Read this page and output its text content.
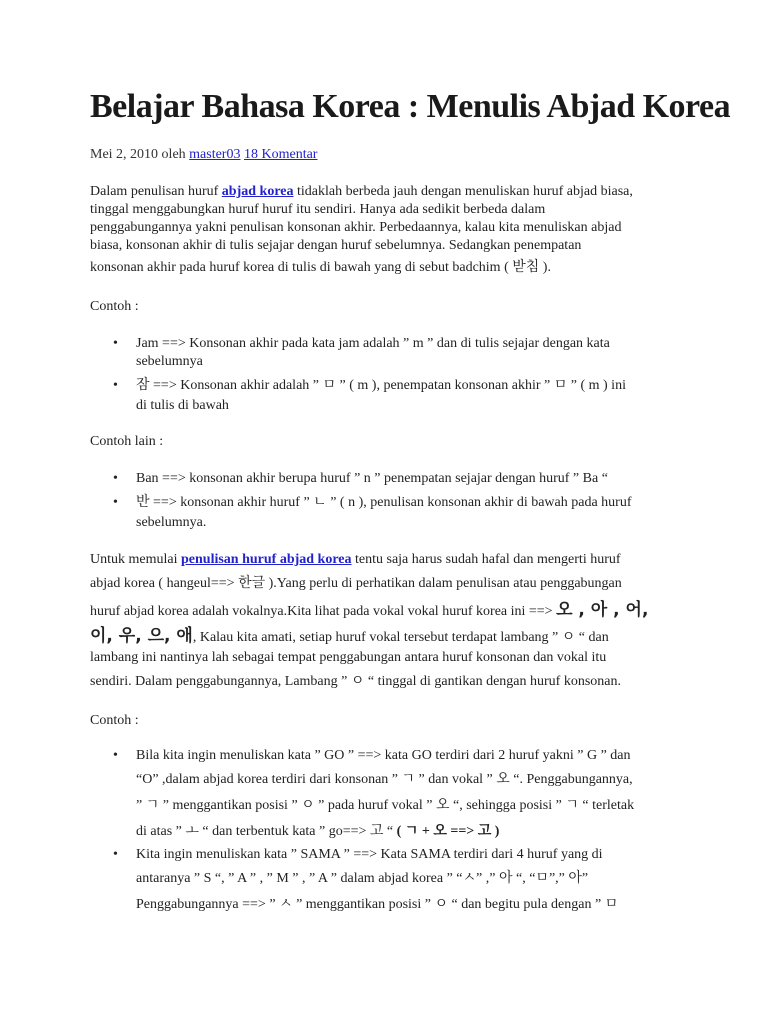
Belajar Bahasa Korea : Menulis Abjad Korea
Mei 2, 2010 oleh master03 18 Komentar
Dalam penulisan huruf abjad korea tidaklah berbeda jauh dengan menuliskan huruf abjad biasa,
tinggal menggabungkan huruf huruf itu sendiri. Hanya ada sedikit berbeda dalam
penggabungannya yakni penulisan konsonan akhir. Perbedaannya, kalau kita menuliskan abjad
biasa, konsonan akhir di tulis sejajar dengan huruf sebelumnya. Sedangkan penempatan
konsonan akhir pada huruf korea di tulis di bawah yang di sebut badchim ( 받침 ).
Contoh :
• Jam ==> Konsonan akhir pada kata jam adalah ” m ” dan di tulis sejajar dengan kata
sebelumnya
• 잠 ==> Konsonan akhir adalah ” ㅁ ” ( m ), penempatan konsonan akhir ” ㅁ ” ( m ) ini
di tulis di bawah
Contoh lain :
• Ban ==> konsonan akhir berupa huruf ” n ” penempatan sejajar dengan huruf ” Ba “
• 반 ==> konsonan akhir huruf ” ㄴ ” ( n ), penulisan konsonan akhir di bawah pada huruf
sebelumnya.
Untuk memulai penulisan huruf abjad korea tentu saja harus sudah hafal dan mengerti huruf
abjad korea ( hangeul==> 한글 ).Yang perlu di perhatikan dalam penulisan atau penggabungan
huruf abjad korea adalah vokalnya.Kita lihat pada vokal vokal huruf korea ini ==> 오 , 아 , 어,
이, 우, 으, 애, Kalau kita amati, setiap huruf vokal tersebut terdapat lambang ” ㅇ “ dan
lambang ini nantinya lah sebagai tempat penggabungan antara huruf konsonan dan vokal itu
sendiri. Dalam penggabungannya, Lambang ” ㅇ “ tinggal di gantikan dengan huruf konsonan.
Contoh :
• Bila kita ingin menuliskan kata ” GO ” ==> kata GO terdiri dari 2 huruf yakni ” G ” dan
“O” ,dalam abjad korea terdiri dari konsonan ” ㄱ ” dan vokal ” 오 “. Penggabungannya,
” ㄱ ” menggantikan posisi ” ㅇ ” pada huruf vokal ” 오 “, sehingga posisi ” ㄱ “ terletak
di atas ” ㅗ “ dan terbentuk kata ” go==> 고 “ ( ㄱ + 오 ==> 고 )
• Kita ingin menuliskan kata ” SAMA ” ==> Kata SAMA terdiri dari 4 huruf yang di
antaranya ” S “, ” A ” , ” M ” , ” A ” dalam abjad korea ” “ㅅ” ,” 아 “, “ㅁ”,” 아”
Penggabungannya ==> ” ㅅ ” menggantikan posisi ” ㅇ “ dan begitu pula dengan ” ㅁ
